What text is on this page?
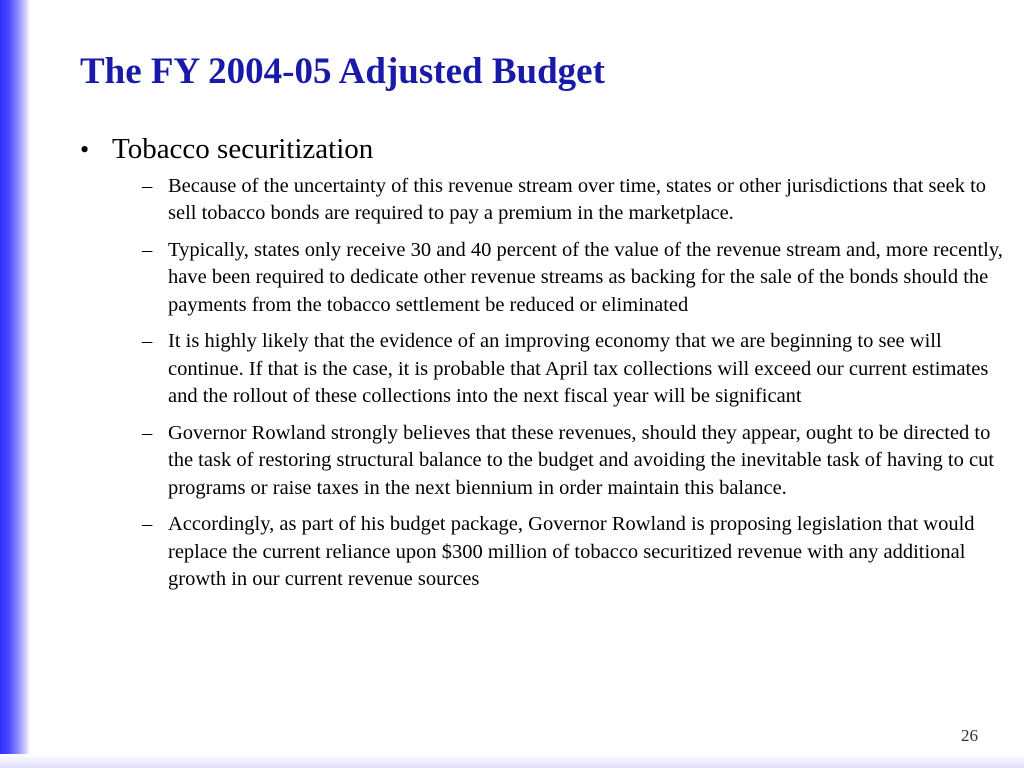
The FY 2004-05 Adjusted Budget
• Tobacco securitization
– Because of the uncertainty of this revenue stream over time, states or other jurisdictions that seek to sell tobacco bonds are required to pay a premium in the marketplace.
– Typically, states only receive 30 and 40 percent of the value of the revenue stream and, more recently, have been required to dedicate other revenue streams as backing for the sale of the bonds should the payments from the tobacco settlement be reduced or eliminated
– It is highly likely that the evidence of an improving economy that we are beginning to see will continue. If that is the case, it is probable that April tax collections will exceed our current estimates and the rollout of these collections into the next fiscal year will be significant
– Governor Rowland strongly believes that these revenues, should they appear, ought to be directed to the task of restoring structural balance to the budget and avoiding the inevitable task of having to cut programs or raise taxes in the next biennium in order maintain this balance.
– Accordingly, as part of his budget package, Governor Rowland is proposing legislation that would replace the current reliance upon $300 million of tobacco securitized revenue with any additional growth in our current revenue sources
26
